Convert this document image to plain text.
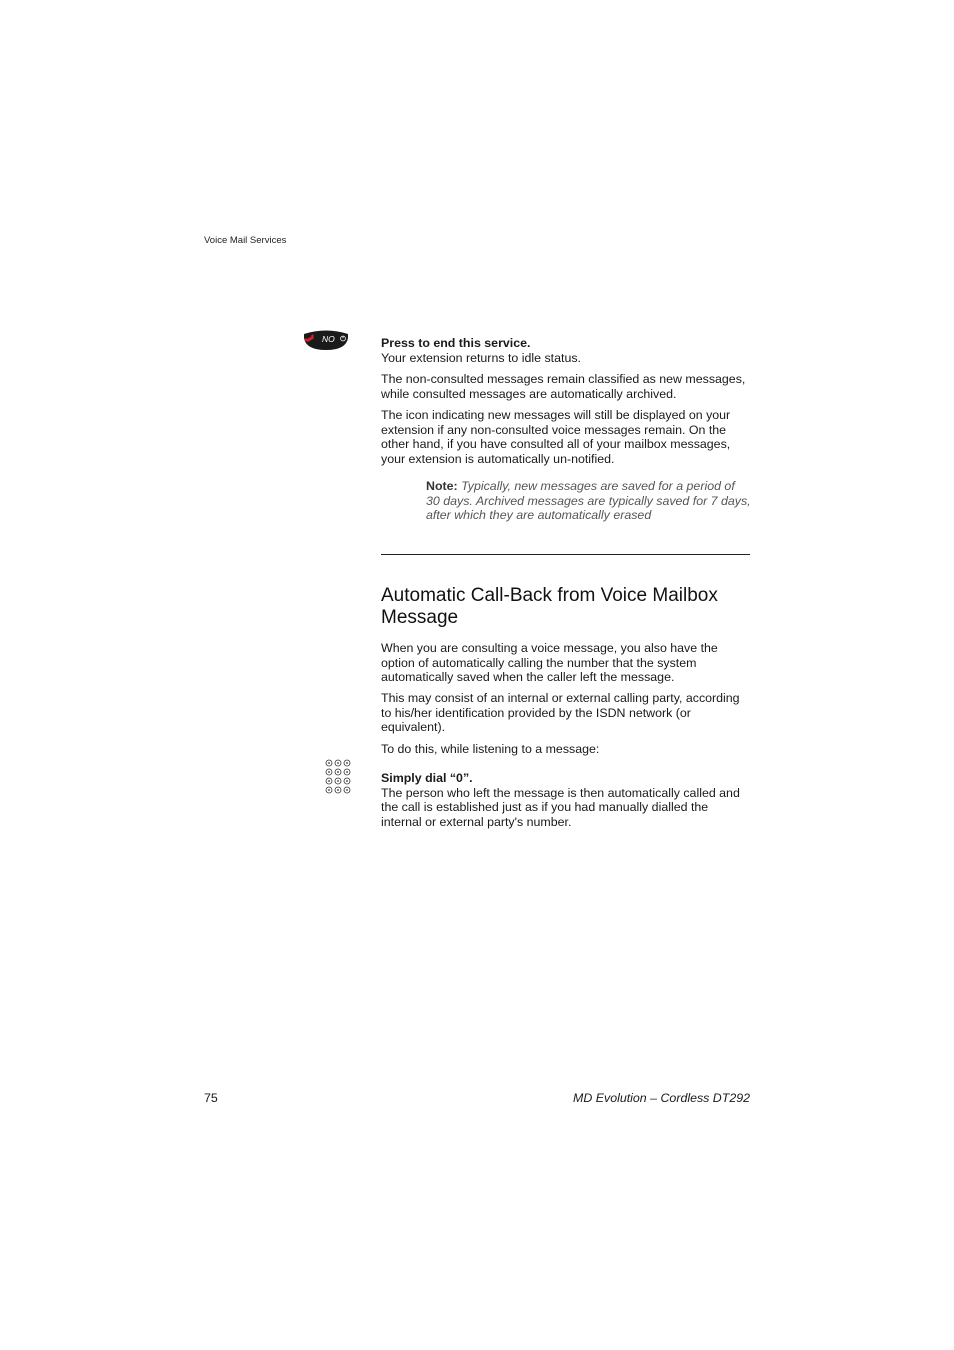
Voice Mail Services
NO	Press to end this service.

Your extension returns to idle status.

The non-consulted messages remain classified as new messages, while consulted messages are automatically archived.

The icon indicating new messages will still be displayed on your extension if any non-consulted voice messages remain. On the other hand, if you have consulted all of your mailbox messages, your extension is automatically un-notified.

Note: Typically, new messages are saved for a period of 30 days. Archived messages are typically saved for 7 days, after which they are automatically erased
Automatic Call-Back from Voice Mailbox Message

When you are consulting a voice message, you also have the option of automatically calling the number that the system automatically saved when the caller left the message.

This may consist of an internal or external calling party, according to his/her identification provided by the ISDN network (or equivalent).

To do this, while listening to a message:

Simply dial “0”.

The person who left the message is then automatically called and the call is established just as if you had manually dialled the internal or external party's number.

75	MD Evolution – Cordless DT292
